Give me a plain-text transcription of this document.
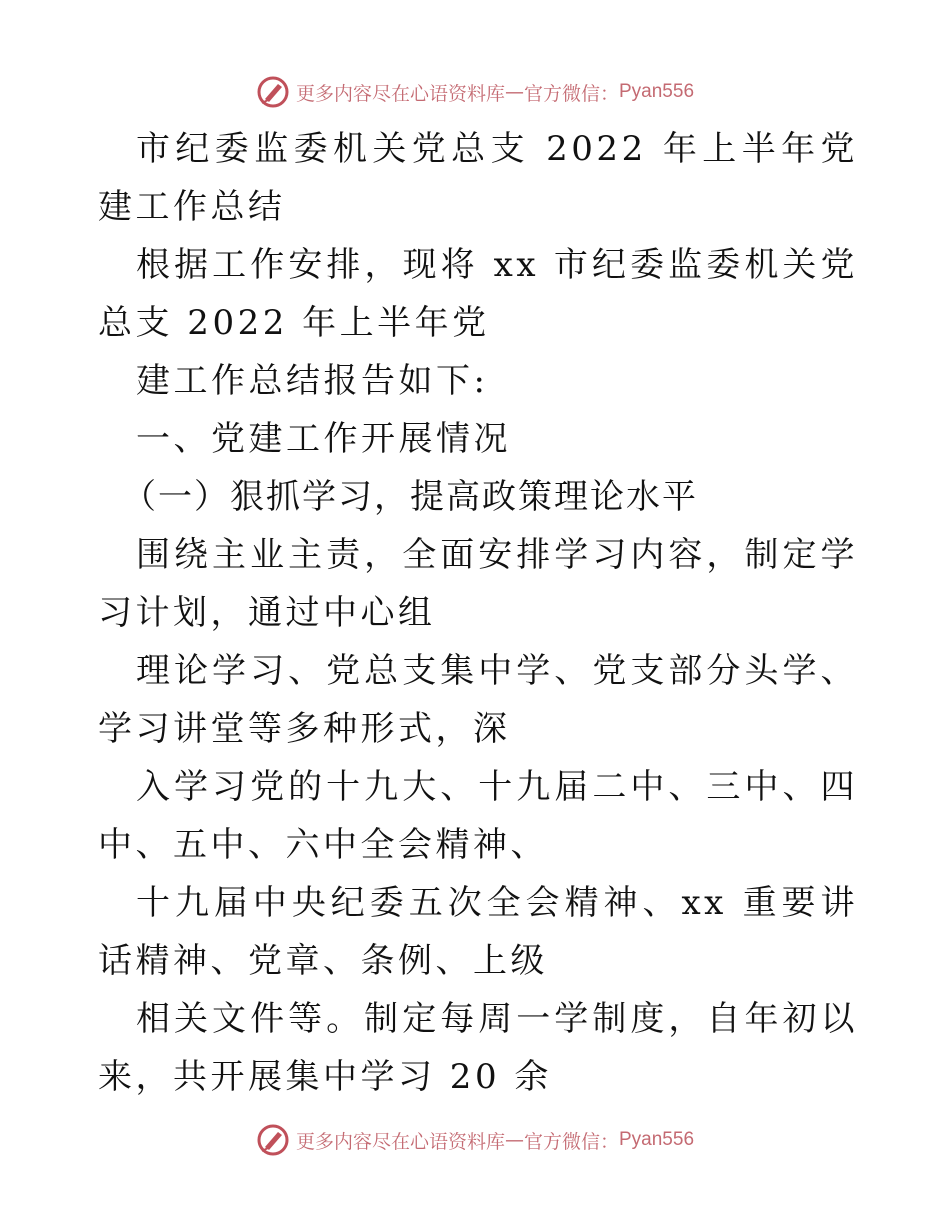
更多内容尽在心语资料库 — 官方微信： Pyan556

市纪委监委机关党总支 2022 年上半年党建工作总结

根据工作安排，现将 xx 市纪委监委机关党总支 2022 年上半年党

建工作总结报告如下:

一、党建工作开展情况

（一）狠抓学习，提高政策理论水平

围绕主业主责，全面安排学习内容，制定学习计划，通过中心组

理论学习、党总支集中学、党支部分头学、学习讲堂等多种形式，深

入学习党的十九大、十九届二中、三中、四中、五中、六中全会精神、

十九届中央纪委五次全会精神、xx 重要讲话精神、党章、条例、上级

相关文件等。制定每周一学制度，自年初以来，共开展集中学习 20 余

更多内容尽在心语资料库 — 官方微信： Pyan556
